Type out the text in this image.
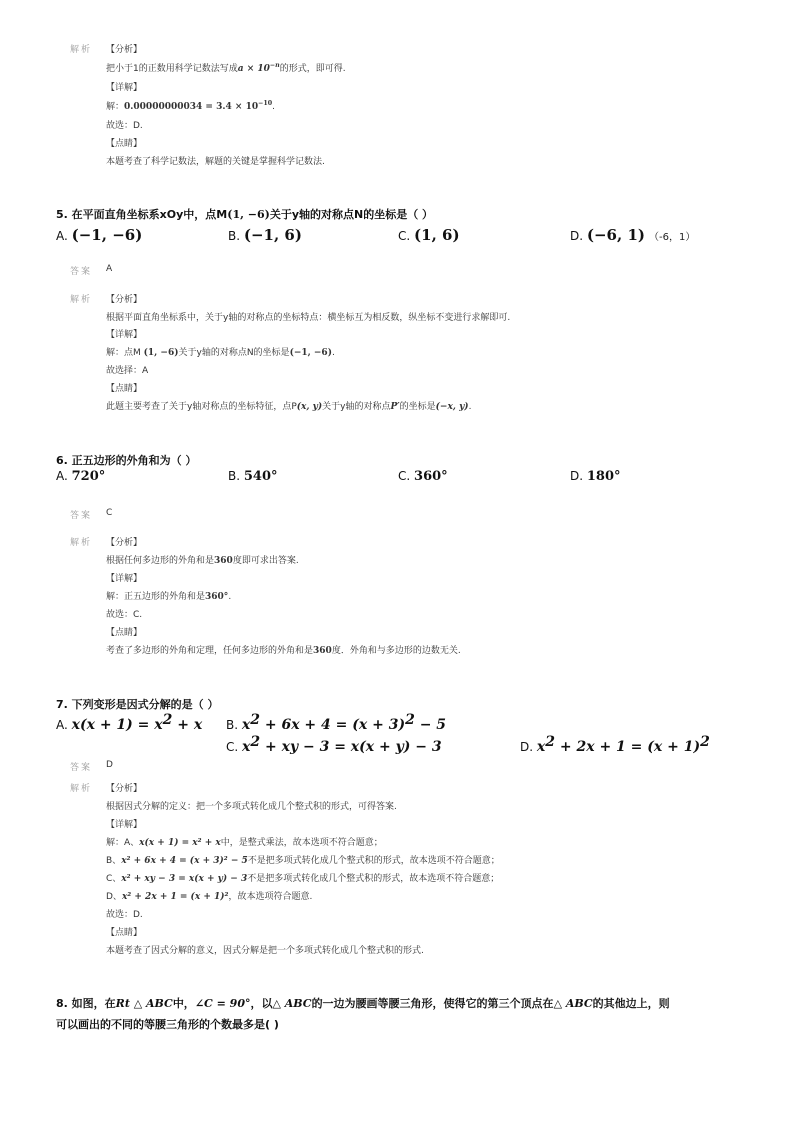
解析 【分析】
把小于1的正数用科学记数法写成$a \times 10^{-n}$的形式，即可得.
【详解】
解：$0.00000000034 = 3.4 \times 10^{-10}$.
故选：D.
【点睛】
本题考查了科学记数法，解题的关键是掌握科学记数法.
5. 在平面直角坐标系xOy中，点M(1, −6)关于y轴的对称点N的坐标是（ ）
A. (−1, −6)	B. (−1, 6)	C. (1, 6)	D. (−6, 1) （-6，1）
答案 A
解析 【分析】
根据平面直角坐标系中，关于y轴的对称点的坐标特点：横坐标互为相反数，纵坐标不变进行求解即可.
【详解】
解：点M (1, −6)关于y轴的对称点N的坐标是(−1, −6).
故选择：A
【点睛】
此题主要考查了关于y轴对称点的坐标特征，点P(x, y)关于y轴的对称点P′的坐标是(−x, y).
6. 正五边形的外角和为（ ）
A. 720°	B. 540°	C. 360°	D. 180°
答案 C
解析 【分析】
根据任何多边形的外角和是360度即可求出答案.
【详解】
解：正五边形的外角和是360°.
故选：C.
【点睛】
考查了多边形的外角和定理，任何多边形的外角和是360度．外角和与多边形的边数无关.
7. 下列变形是因式分解的是（ ）
A. $x(x + 1) = x^2 + x$ B. $x^2 + 6x + 4 = (x + 3)^2 - 5$
C. $x^2$ + xy − 3 = x(x + y) − 3	D. $x^2 + 2x + 1 = (x + 1)^2$
答案 D
解析 【分析】
根据因式分解的定义：把一个多项式转化成几个整式积的形式，可得答案.
【详解】
解：A、x(x + 1) = x² + x中，是整式乘法，故本选项不符合题意；
B、x² + 6x + 4 = (x + 3)² − 5不是把多项式转化成几个整式积的形式，故本选项不符合题意；
C、x² + xy − 3 = x(x + y) − 3不是把多项式转化成几个整式积的形式，故本选项不符合题意；
D、x² + 2x + 1 = (x + 1)²，故本选项符合题意.
故选：D.
【点睛】
本题考查了因式分解的意义，因式分解是把一个多项式转化成几个整式积的形式.
8. 如图，在Rt △ ABC中，∠C = 90°，以△ ABC的一边为腰画等腰三角形，使得它的第三个顶点在△ ABC的其他边上，则
可以画出的不同的等腰三角形的个数最多是( )
